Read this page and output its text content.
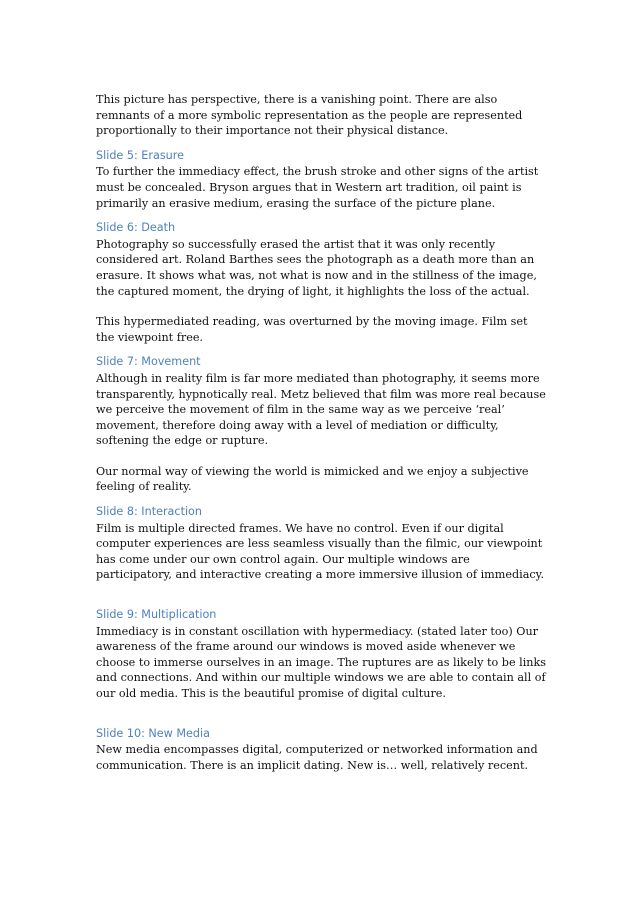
This picture has perspective, there is a vanishing point. There are also remnants of a more symbolic representation as the people are represented proportionally to their importance not their physical distance.

Slide 5: Erasure

To further the immediacy effect, the brush stroke and other signs of the artist must be concealed. Bryson argues that in Western art tradition, oil paint is primarily an erasive medium, erasing the surface of the picture plane.

Slide 6: Death

Photography so successfully erased the artist that it was only recently considered art. Roland Barthes sees the photograph as a death more than an erasure. It shows what was, not what is now and in the stillness of the image, the captured moment, the drying of light, it highlights the loss of the actual.

This hypermediated reading, was overturned by the moving image. Film set the viewpoint free.

Slide 7: Movement

Although in reality film is far more mediated than photography, it seems more transparently, hypnotically real. Metz believed that film was more real because we perceive the movement of film in the same way as we perceive ‘real’ movement, therefore doing away with a level of mediation or difficulty, softening the edge or rupture.

Our normal way of viewing the world is mimicked and we enjoy a subjective feeling of reality.

Slide 8: Interaction

Film is multiple directed frames. We have no control. Even if our digital computer experiences are less seamless visually than the filmic, our viewpoint has come under our own control again. Our multiple windows are participatory, and interactive creating a more immersive illusion of immediacy.

Slide 9: Multiplication

Immediacy is in constant oscillation with hypermediacy. (stated later too) Our awareness of the frame around our windows is moved aside whenever we choose to immerse ourselves in an image. The ruptures are as likely to be links and connections. And within our multiple windows we are able to contain all of our old media. This is the beautiful promise of digital culture.

Slide 10: New Media

New media encompasses digital, computerized or networked information and communication. There is an implicit dating. New is… well, relatively recent.
